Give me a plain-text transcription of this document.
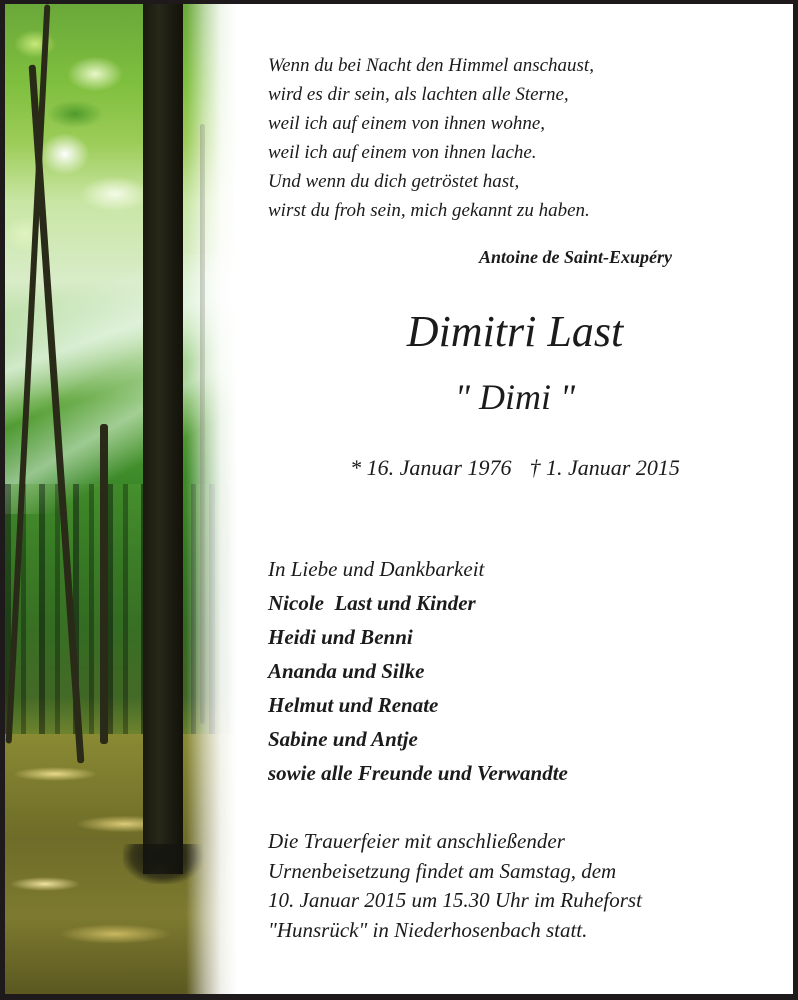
Wenn du bei Nacht den Himmel anschaust,
wird es dir sein, als lachten alle Sterne,
weil ich auf einem von ihnen wohne,
weil ich auf einem von ihnen lache.
Und wenn du dich getröstet hast,
wirst du froh sein, mich gekannt zu haben.
Antoine de Saint-Exupéry
Dimitri Last
" Dimi "
* 16. Januar 1976 † 1. Januar 2015
In Liebe und Dankbarkeit
Nicole  Last und Kinder
Heidi und Benni
Ananda und Silke
Helmut und Renate
Sabine und Antje
sowie alle Freunde und Verwandte
Die Trauerfeier mit anschließender
Urnenbeisetzung findet am Samstag, dem
10. Januar 2015 um 15.30 Uhr im Ruheforst
"Hunsrück" in Niederhosenbach statt.
